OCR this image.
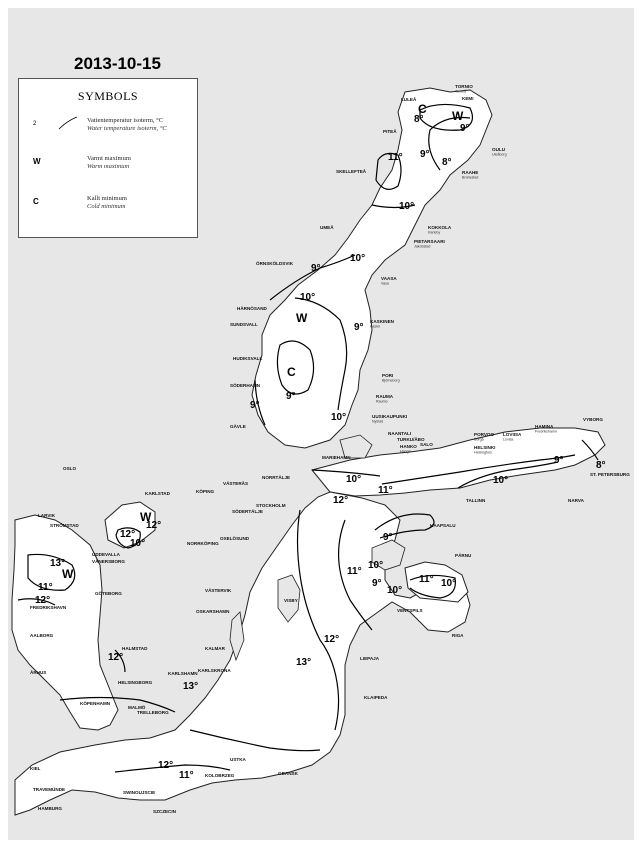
8°
9°
9°
8°
11°
10°
10°
9°
10°
9°
9°
9°
10°
10°
11°
10°
9°	8°
12°
9°
10°
11°
9°
10°
11° 10°
12°
10°
12°
13°
11°
12°
13°
12°
12°
13°
12°
11°
C W
W
C
W
W
TORNIO
Torneå
KEMI
LULEÅ
PITEÅ
OULU
Uleåborg
RAAHE
Brahestad
SKELLEFTEÅ
KOKKOLA
Karleby
PIETARSAARI
Jakobstad
UMEÅ
VAASA
Vasa
ÖRNSKÖLDSVIK
HÄRNÖSAND
KASKINEN
Kaskö
SUNDSVALL
HUDIKSVALL
PORI
Björneborg
SÖDERHAMN
RAUMA
Raumo
UUSIKAUPUNKI
Nystad
GÄVLE
NAANTALI
TURKU/ÅBO
SALO
MARIEHAMN
HANKO
Hangö
HELSINKI
Helsingfors
PORVOO
Borgå
LOVIISA
Lovisa
HAMINA
Fredrikshamn
VYBORG
ST. PETERSBURG
NARVA
TALLINN
OSLO
KARLSTAD	KÖPING
VÄSTERÅS
NORRTÄLJE
SÖDERTÄLJE
STOCKHOLM
LARVIK
STRÖMSTAD
UDDEVALLA
VÄNERSBORG
NORRKÖPING
OXELÖSUND
HAAPSALU
PÄRNU
GÖTEBORG
FREDRIKSHAVN
VÄSTERVIK
VISBY
OSKARSHAMN	VENTSPILS
RIGA
AALBORG
HALMSTAD	KALMAR
LIEPAJA
ÅRHUS	KARLSKRONA
KARLSHAMN
HELSINGBORG
KÖPENHAMN
MALMÖ
TRELLEBORG
KLAIPEDA
KIEL
USTKA
GDANSK
TRAVEMÜNDE
KOLOBRZEG
SWINOUJSCIE
HAMBURG
SZCZECIN
2013-10-15
SYMBOLS
2	Vattentemperatur isoterm, °C
Water temperature isoterm, °C
W	Varmt maximum
Warm maximum
C	Kallt minimum
Cold minimum
